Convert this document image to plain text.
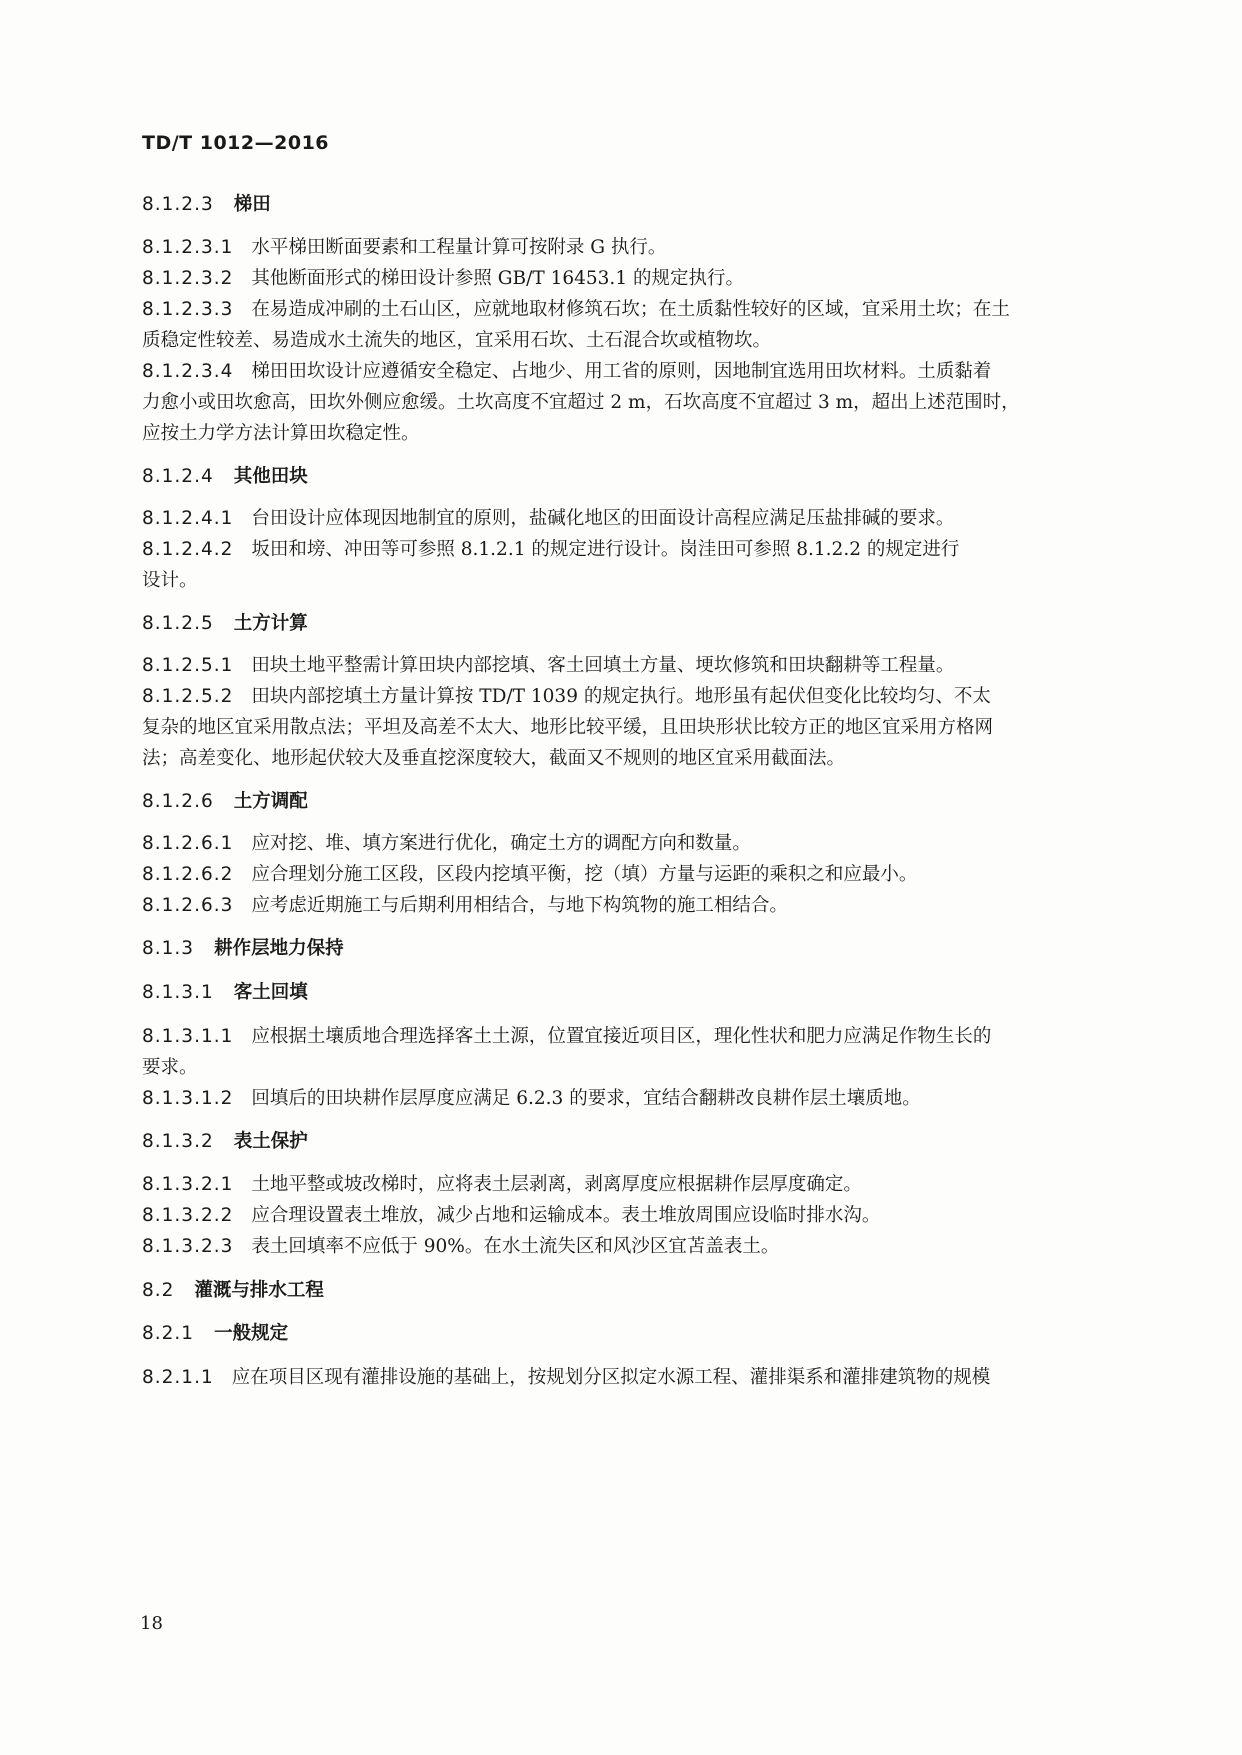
TD/T 1012—2016
8.1.2.3 梯田
8.1.2.3.1 水平梯田断面要素和工程量计算可按附录 G 执行。
8.1.2.3.2 其他断面形式的梯田设计参照 GB/T 16453.1 的规定执行。
8.1.2.3.3 在易造成冲刷的土石山区，应就地取材修筑石坎；在土质黏性较好的区域，宜采用土坎；在土
质稳定性较差、易造成水土流失的地区，宜采用石坎、土石混合坎或植物坎。
8.1.2.3.4 梯田田坎设计应遵循安全稳定、占地少、用工省的原则，因地制宜选用田坎材料。土质黏着
力愈小或田坎愈高，田坎外侧应愈缓。土坎高度不宜超过 2 m，石坎高度不宜超过 3 m，超出上述范围时，
应按土力学方法计算田坎稳定性。
8.1.2.4 其他田块
8.1.2.4.1 台田设计应体现因地制宜的原则，盐碱化地区的田面设计高程应满足压盐排碱的要求。
8.1.2.4.2 坂田和塝、冲田等可参照 8.1.2.1 的规定进行设计。岗洼田可参照 8.1.2.2 的规定进行
设计。
8.1.2.5 土方计算
8.1.2.5.1 田块土地平整需计算田块内部挖填、客土回填土方量、埂坎修筑和田块翻耕等工程量。
8.1.2.5.2 田块内部挖填土方量计算按 TD/T 1039 的规定执行。地形虽有起伏但变化比较均匀、不太
复杂的地区宜采用散点法；平坦及高差不太大、地形比较平缓，且田块形状比较方正的地区宜采用方格网
法；高差变化、地形起伏较大及垂直挖深度较大，截面又不规则的地区宜采用截面法。
8.1.2.6 土方调配
8.1.2.6.1 应对挖、堆、填方案进行优化，确定土方的调配方向和数量。
8.1.2.6.2 应合理划分施工区段，区段内挖填平衡，挖（填）方量与运距的乘积之和应最小。
8.1.2.6.3 应考虑近期施工与后期利用相结合，与地下构筑物的施工相结合。
8.1.3 耕作层地力保持
8.1.3.1 客土回填
8.1.3.1.1 应根据土壤质地合理选择客土土源，位置宜接近项目区，理化性状和肥力应满足作物生长的
要求。
8.1.3.1.2 回填后的田块耕作层厚度应满足 6.2.3 的要求，宜结合翻耕改良耕作层土壤质地。
8.1.3.2 表土保护
8.1.3.2.1 土地平整或坡改梯时，应将表土层剥离，剥离厚度应根据耕作层厚度确定。
8.1.3.2.2 应合理设置表土堆放，减少占地和运输成本。表土堆放周围应设临时排水沟。
8.1.3.2.3 表土回填率不应低于 90%。在水土流失区和风沙区宜苫盖表土。
8.2 灌溉与排水工程
8.2.1 一般规定
8.2.1.1 应在项目区现有灌排设施的基础上，按规划分区拟定水源工程、灌排渠系和灌排建筑物的规模
18
